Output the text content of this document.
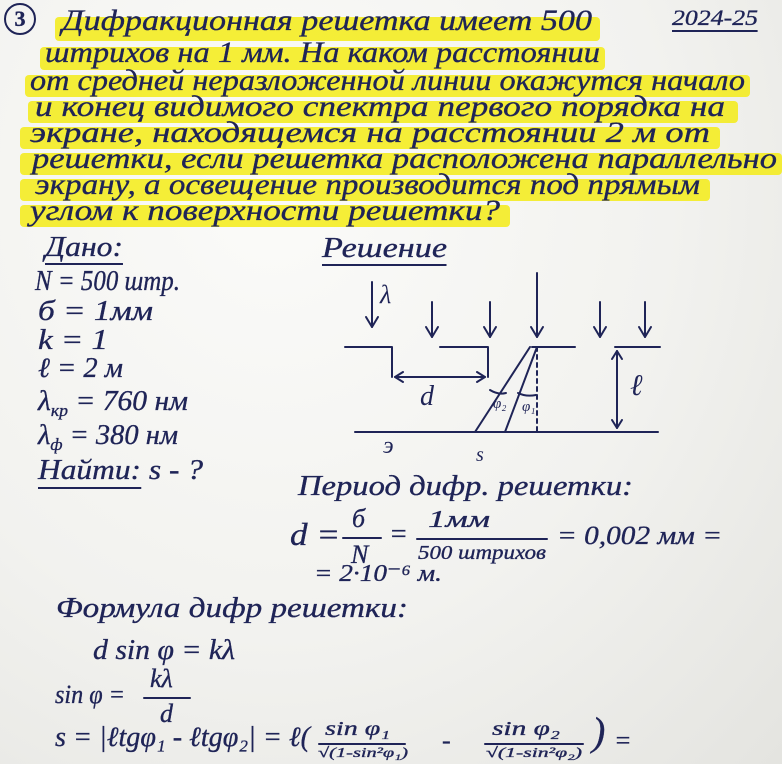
3	2024-25
Дифракционная решетка имеет 500
штрихов на 1 мм. На каком расстоянии
от средней неразложенной линии окажутся начало
и конец видимого спектра первого порядка на
экране, находящемся на расстоянии 2 м от
решетки, если решетка расположена параллельно
экрану, а освещение производится под прямым
углом к поверхности решетки?
Дано:
N = 500 штр.
б = 1мм
k = 1
ℓ = 2 м
$\lambda_{кр} = 760$ нм
$\lambda_ф = 380$ нм
Найти: s - ?
Решение
λ
d	φ₂ φ₁
ℓ
э	s
Период дифр. решетки:
d = б
N
= 1мм
500 штрихов
= 0,002 мм =
= 2·10⁻⁶ м.
Формула дифр решетки:
d sin φ = kλ
sin φ =
kλ
d
s = |ℓtgφ₁ - ℓtgφ₂| = ℓ( sin φ₁
√(1-sin²φ₁) - sin φ₂
√(1-sin²φ₂) ) =
